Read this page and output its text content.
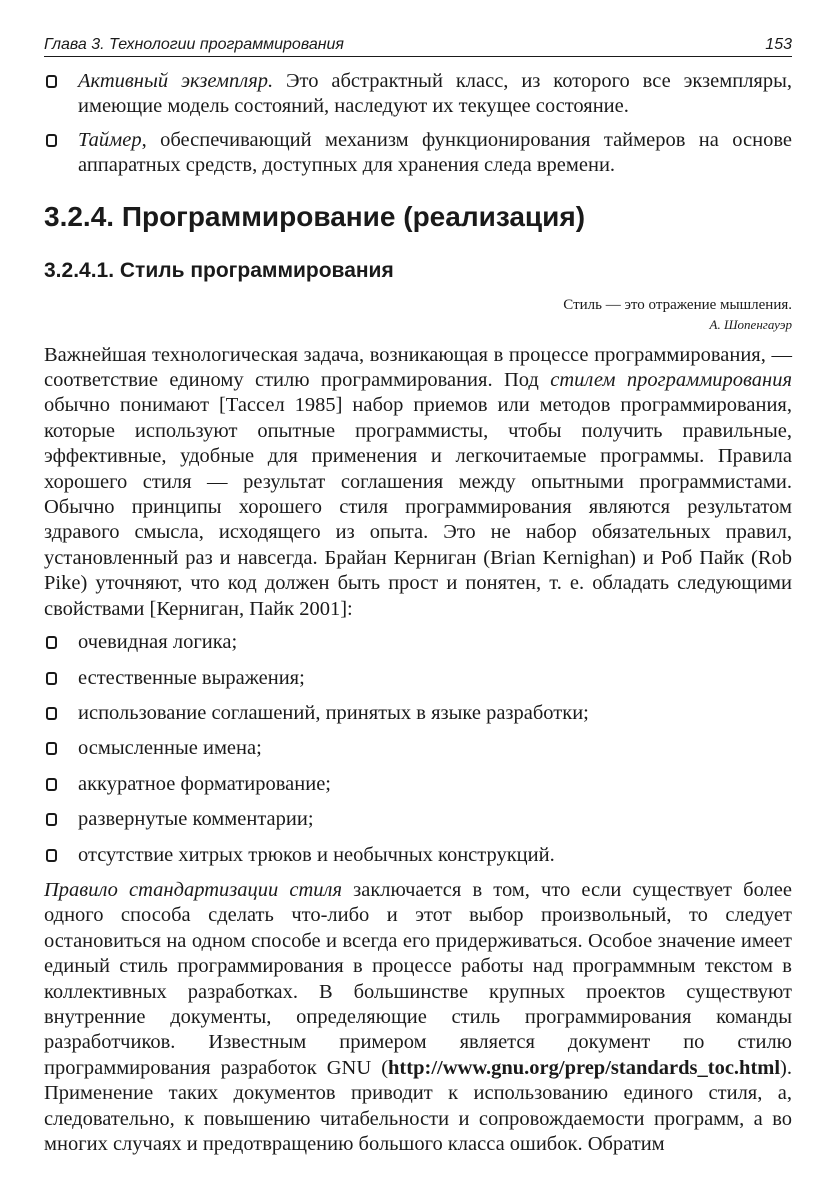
Глава 3. Технологии программирования	153

Активный экземпляр. Это абстрактный класс, из которого все экземпляры, имеющие модель состояний, наследуют их текущее состояние.

Таймер, обеспечивающий механизм функционирования таймеров на основе аппаратных средств, доступных для хранения следа времени.

3.2.4. Программирование (реализация)
3.2.4.1. Стиль программирования
Стиль — это отражение мышления.
А. Шопенгауэр

Важнейшая технологическая задача, возникающая в процессе программирования, — соответствие единому стилю программирования. Под стилем программирования обычно понимают [Тассел 1985] набор приемов или методов программирования, которые используют опытные программисты, чтобы получить правильные, эффективные, удобные для применения и легкочитаемые программы. Правила хорошего стиля — результат соглашения между опытными программистами. Обычно принципы хорошего стиля программирования являются результатом здравого смысла, исходящего из опыта. Это не набор обязательных правил, установленный раз и навсегда. Брайан Керниган (Brian Kernighan) и Роб Пайк (Rob Pike) уточняют, что код должен быть прост и понятен, т. е. обладать следующими свойствами [Керниган, Пайк 2001]:

очевидная логика;

естественные выражения;

использование соглашений, принятых в языке разработки;

осмысленные имена;

аккуратное форматирование;

развернутые комментарии;

отсутствие хитрых трюков и необычных конструкций.

Правило стандартизации стиля заключается в том, что если существует более одного способа сделать что-либо и этот выбор произвольный, то следует остановиться на одном способе и всегда его придерживаться. Особое значение имеет единый стиль программирования в процессе работы над программным текстом в коллективных разработках. В большинстве крупных проектов существуют внутренние документы, определяющие стиль программирования команды разработчиков. Известным примером является документ по стилю программирования разработок GNU (http://www.gnu.org/prep/standards_toc.html). Применение таких документов приводит к использованию единого стиля, а, следовательно, к повышению читабельности и сопровождаемости программ, а во многих случаях и предотвращению большого класса ошибок. Обратим
